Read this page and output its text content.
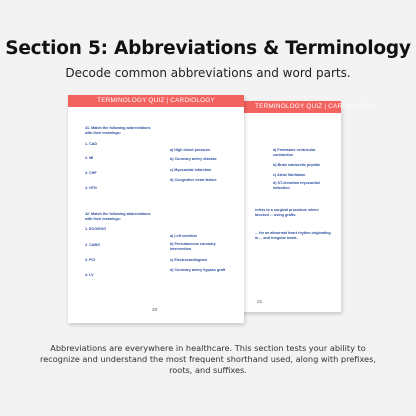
Section 5: Abbreviations & Terminology
Decode common abbreviations and word parts.
TERMINOLOGY QUIZ | CARDIOLOGY
a) Premature ventricular contraction
b) Brain natriuretic peptide
c) Atrial fibrillation
d) ST-elevation myocardial infarction
refers to a surgical procedure where blocked ... using grafts.
... for an abnormal heart rhythm originating in ... and irregular beats.
21
TERMINOLOGY QUIZ | CARDIOLOGY
41. Match the following abbreviations with their meanings:
1. CAD
2. MI
3. CHF
4. HTN
a) High blood pressure
b) Coronary artery disease
c) Myocardial infarction
d) Congestive heart failure
42. Match the following abbreviations with their meanings:
1. ECG/EKG
2. CABG
3. PCI
4. LV
a) Left ventricle
b) Percutaneous coronary intervention
c) Electrocardiogram
d) Coronary artery bypass graft
20
Abbreviations are everywhere in healthcare. This section tests your ability to recognize and understand the most frequent shorthand used, along with prefixes, roots, and suffixes.
